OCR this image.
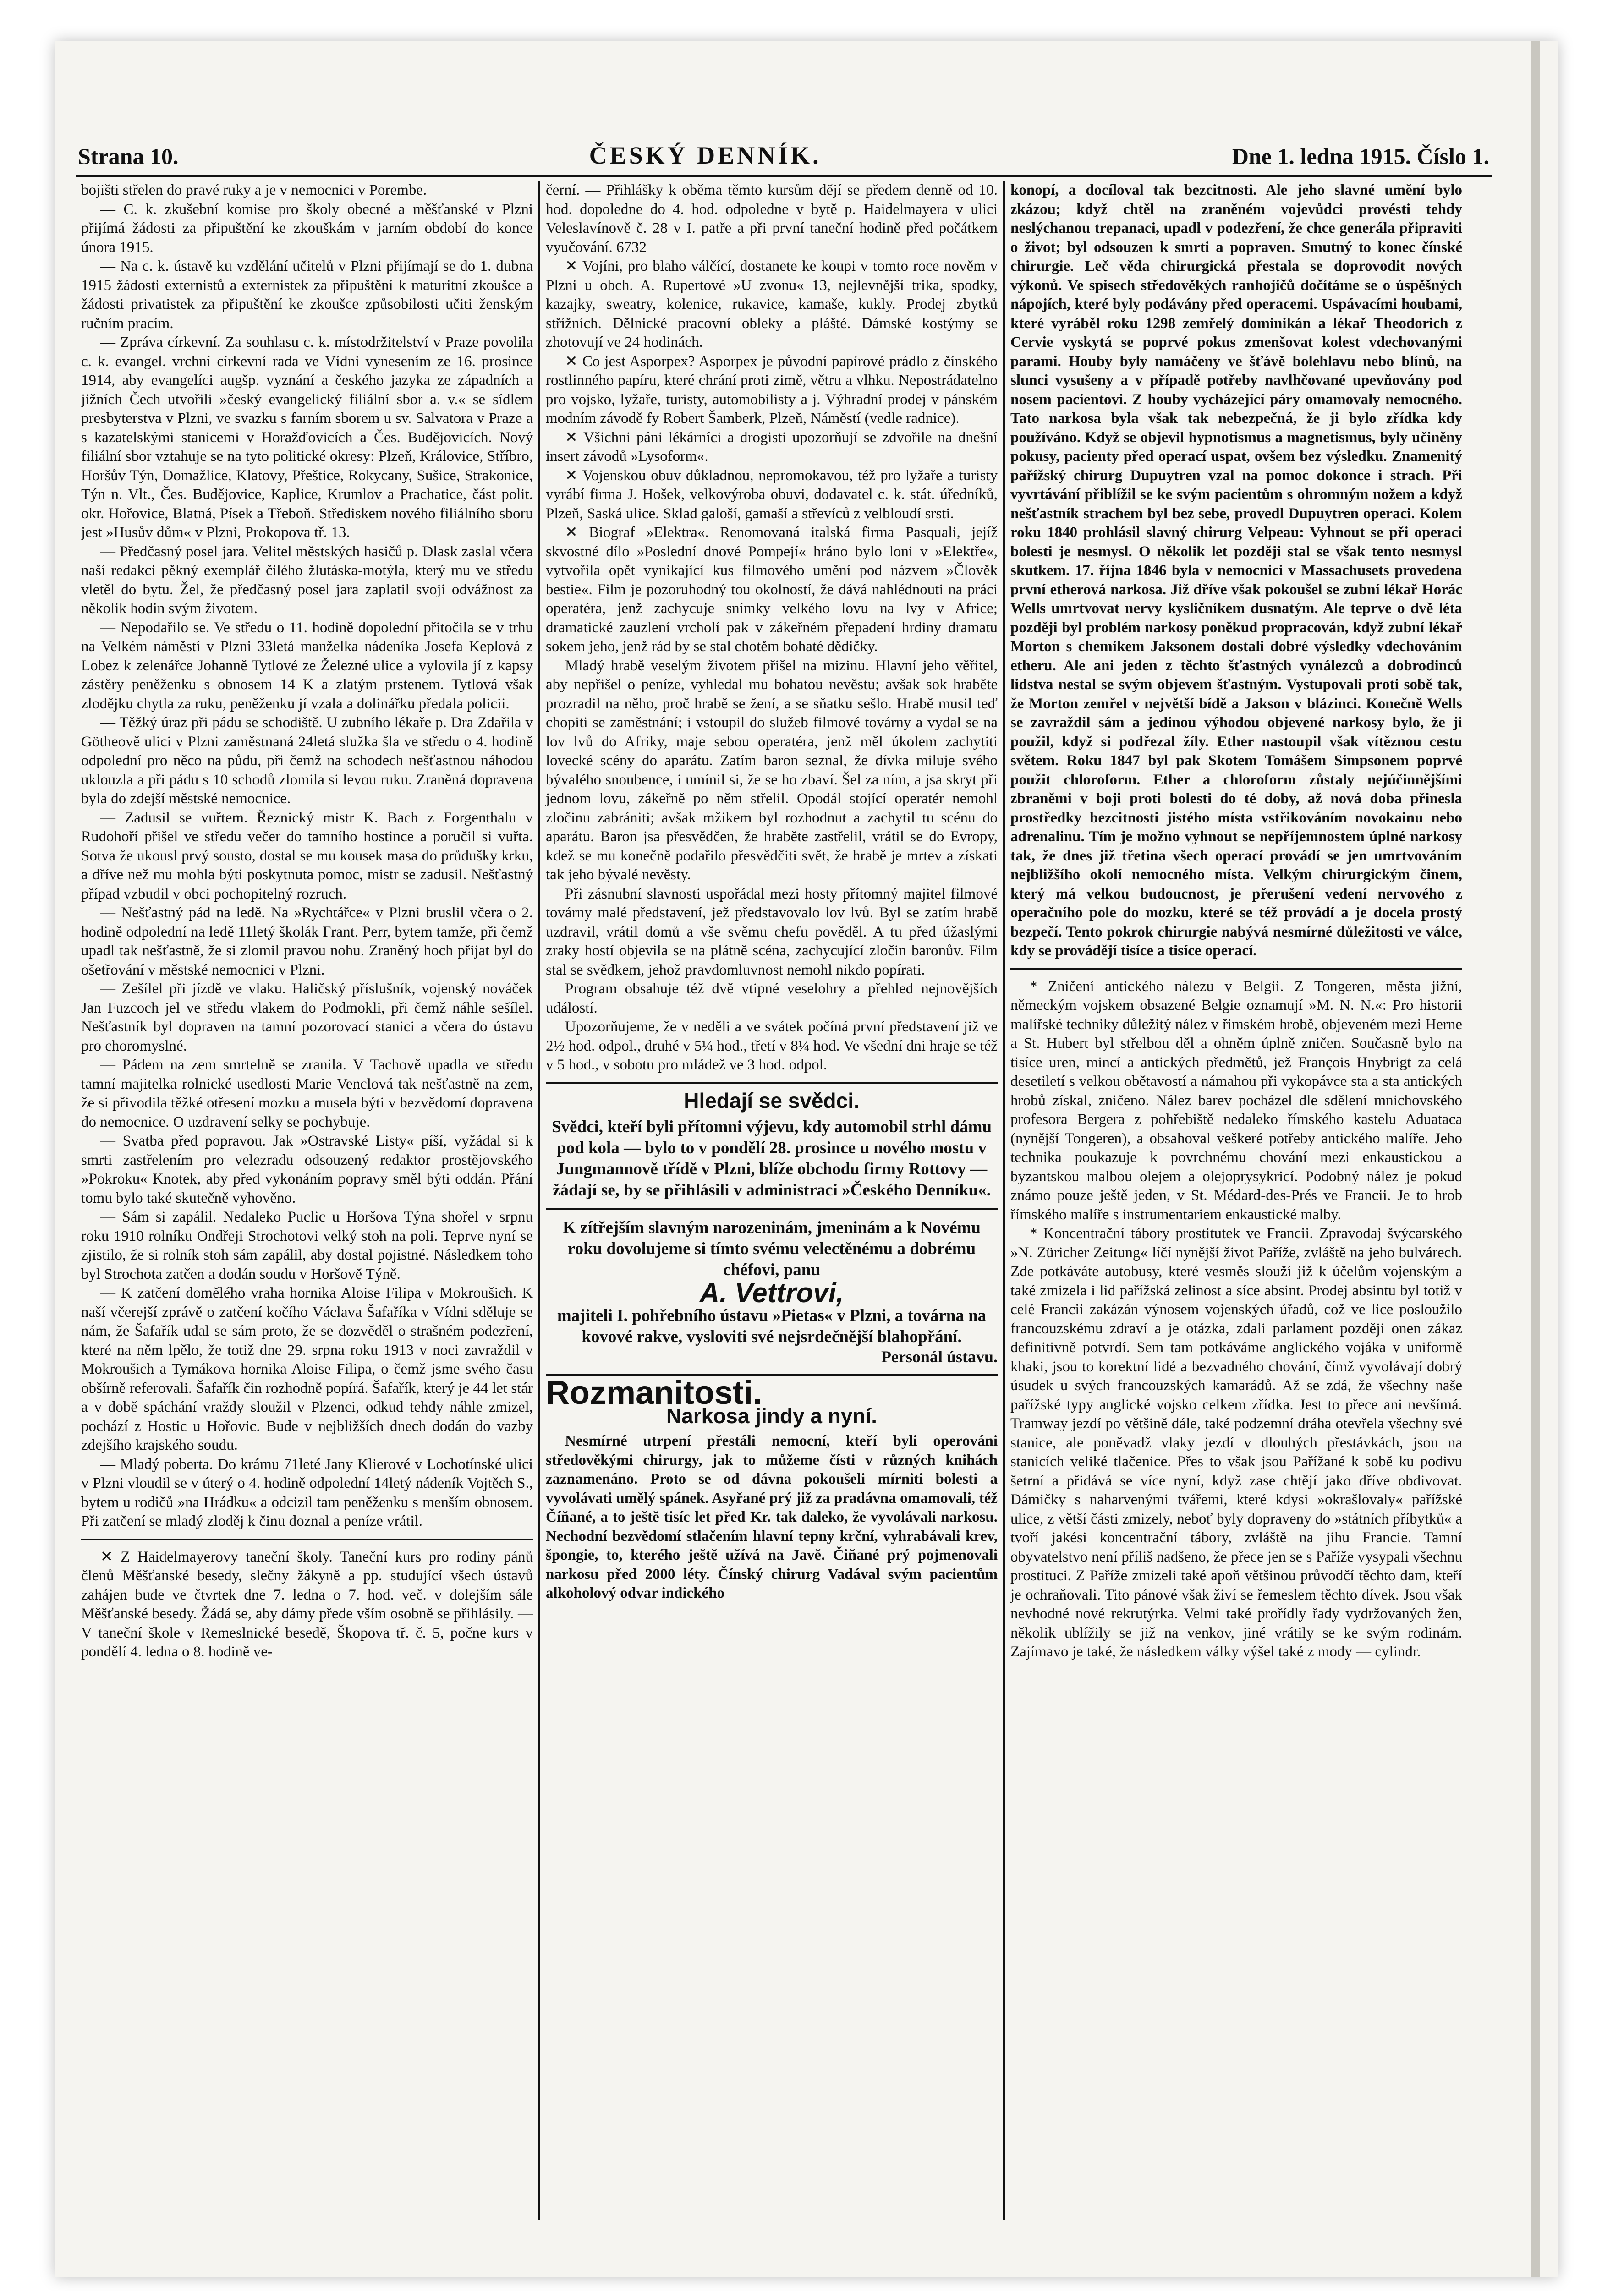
Strana 10.	ČESKÝ DENNÍK.	Dne 1. ledna 1915. Číslo 1.

bojišti střelen do pravé ruky a je v nemocnici v Porembe.

— C. k. zkušební komise pro školy obecné a měšťanské v Plzni přijímá žádosti za připuštění ke zkouškám v jarním období do konce února 1915.

— Na c. k. ústavě ku vzdělání učitelů v Plzni přijímají se do 1. dubna 1915 žádosti externistů a externistek za připuštění k maturitní zkoušce a žádosti privatistek za připuštění ke zkoušce způsobilosti učiti ženským ručním pracím.

— Zpráva církevní. Za souhlasu c. k. místodržitelství v Praze povolila c. k. evangel. vrchní církevní rada ve Vídni vynesením ze 16. prosince 1914, aby evangelíci augšp. vyznání a českého jazyka ze západních a jižních Čech utvořili »český evangelický filiální sbor a. v.« se sídlem presbyterstva v Plzni, ve svazku s farním sborem u sv. Salvatora v Praze a s kazatelskými stanicemi v Horažďovicích a Čes. Budějovicích. Nový filiální sbor vztahuje se na tyto politické okresy: Plzeň, Královice, Stříbro, Horšův Týn, Domažlice, Klatovy, Přeštice, Rokycany, Sušice, Strakonice, Týn n. Vlt., Čes. Budějovice, Kaplice, Krumlov a Prachatice, část polit. okr. Hořovice, Blatná, Písek a Třeboň. Střediskem nového filiálního sboru jest »Husův dům« v Plzni, Prokopova tř. 13.

— Předčasný posel jara. Velitel městských hasičů p. Dlask zaslal včera naší redakci pěkný exemplář čilého žlutáska-motýla, který mu ve středu vletěl do bytu. Žel, že předčasný posel jara zaplatil svoji odvážnost za několik hodin svým životem.

— Nepodařilo se. Ve středu o 11. hodině dopolední přitočila se v trhu na Velkém náměstí v Plzni 33letá manželka nádeníka Josefa Keplová z Lobez k zelenářce Johanně Tytlové ze Železné ulice a vylovila jí z kapsy zástěry peněženku s obnosem 14 K a zlatým prstenem. Tytlová však zlodějku chytla za ruku, peněženku jí vzala a dolinářku předala policii.

— Těžký úraz při pádu se schodiště. U zubního lékaře p. Dra Zdařila v Götheově ulici v Plzni zaměstnaná 24letá služka šla ve středu o 4. hodině odpolední pro něco na půdu, při čemž na schodech nešťastnou náhodou uklouzla a při pádu s 10 schodů zlomila si levou ruku. Zraněná dopravena byla do zdejší městské nemocnice.

— Zadusil se vuřtem. Řeznický mistr K. Bach z Forgenthalu v Rudohoří přišel ve středu večer do tamního hostince a poručil si vuřta. Sotva že ukousl prvý sousto, dostal se mu kousek masa do průdušky krku, a dříve než mu mohla býti poskytnuta pomoc, mistr se zadusil. Nešťastný případ vzbudil v obci pochopitelný rozruch.

— Nešťastný pád na ledě. Na »Rychtářce« v Plzni bruslil včera o 2. hodině odpolední na ledě 11letý školák Frant. Perr, bytem tamže, při čemž upadl tak nešťastně, že si zlomil pravou nohu. Zraněný hoch přijat byl do ošetřování v městské nemocnici v Plzni.

— Zešílel při jízdě ve vlaku. Haličský příslušník, vojenský nováček Jan Fuzcoch jel ve středu vlakem do Podmokli, při čemž náhle sešílel. Nešťastník byl dopraven na tamní pozorovací stanici a včera do ústavu pro choromyslné.

— Pádem na zem smrtelně se zranila. V Tachově upadla ve středu tamní majitelka rolnické usedlosti Marie Venclová tak nešťastně na zem, že si přivodila těžké otřesení mozku a musela býti v bezvědomí dopravena do nemocnice. O uzdravení selky se pochybuje.

— Svatba před popravou. Jak »Ostravské Listy« píší, vyžádal si k smrti zastřelením pro velezradu odsouzený redaktor prostějovského »Pokroku« Knotek, aby před vykonáním popravy směl býti oddán. Přání tomu bylo také skutečně vyhověno.

— Sám si zapálil. Nedaleko Puclic u Horšova Týna shořel v srpnu roku 1910 rolníku Ondřeji Strochotovi velký stoh na poli. Teprve nyní se zjistilo, že si rolník stoh sám zapálil, aby dostal pojistné. Následkem toho byl Strochota zatčen a dodán soudu v Horšově Týně.

— K zatčení domělého vraha hornika Aloise Filipa v Mokroušich. K naší včerejší zprávě o zatčení kočího Václava Šafaříka v Vídni sděluje se nám, že Šafařík udal se sám proto, že se dozvěděl o strašném podezření, které na něm lpělo, že totiž dne 29. srpna roku 1913 v noci zavraždil v Mokroušich a Tymákova hornika Aloise Filipa, o čemž jsme svého času obšírně referovali. Šafařík čin rozhodně popírá. Šafařík, který je 44 let stár a v době spáchání vraždy sloužil v Plzenci, odkud tehdy náhle zmizel, pochází z Hostic u Hořovic. Bude v nejbližších dnech dodán do vazby zdejšího krajského soudu.

— Mladý poberta. Do krámu 71leté Jany Klierové v Lochotínské ulici v Plzni vloudil se v úterý o 4. hodině odpolední 14letý nádeník Vojtěch S., bytem u rodičů »na Hrádku« a odcizil tam peněženku s menším obnosem. Při zatčení se mladý zloděj k činu doznal a peníze vrátil.

✕ Z Haidelmayerovy taneční školy. Taneční kurs pro rodiny pánů členů Měšťanské besedy, slečny žákyně a pp. studující všech ústavů zahájen bude ve čtvrtek dne 7. ledna o 7. hod. več. v dolejším sále Měšťanské besedy. Žádá se, aby dámy přede vším osobně se přihlásily. — V taneční škole v Remeslnické besedě, Škopova tř. č. 5, počne kurs v pondělí 4. ledna o 8. hodině ve-

černí. — Přihlášky k oběma těmto kursům dějí se předem denně od 10. hod. dopoledne do 4. hod. odpoledne v bytě p. Haidelmayera v ulici Veleslavínově č. 28 v I. patře a při první taneční hodině před počátkem vyučování. 6732

✕ Vojíni, pro blaho válčící, dostanete ke koupi v tomto roce nověm v Plzni u obch. A. Rupertové »U zvonu« 13, nejlevnější trika, spodky, kazajky, sweatry, kolenice, rukavice, kamaše, kukly. Prodej zbytků střížních. Dělnické pracovní obleky a plášté. Dámské kostýmy se zhotovují ve 24 hodinách.

✕ Co jest Asporpex? Asporpex je původní papírové prádlo z čínského rostlinného papíru, které chrání proti zimě, větru a vlhku. Nepostrádatelno pro vojsko, lyžaře, turisty, automobilisty a j. Výhradní prodej v pánském modním závodě fy Robert Šamberk, Plzeň, Náměstí (vedle radnice).

✕ Všichni páni lékárníci a drogisti upozorňují se zdvořile na dnešní insert závodů »Lysoform«.

✕ Vojenskou obuv důkladnou, nepromokavou, též pro lyžaře a turisty vyrábí firma J. Hošek, velkovýroba obuvi, dodavatel c. k. stát. úředníků, Plzeň, Saská ulice. Sklad galoší, gamaší a střevíců z velbloudí srsti.

✕ Biograf »Elektra«. Renomovaná italská firma Pasquali, jejíž skvostné dílo »Poslední dnové Pompejí« hráno bylo loni v »Elektře«, vytvořila opět vynikající kus filmového umění pod názvem »Člověk bestie«. Film je pozoruhodný tou okolností, že dává nahlédnouti na práci operatéra, jenž zachycuje snímky velkého lovu na lvy v Africe; dramatické zauzlení vrcholí pak v zákeřném přepadení hrdiny dramatu sokem jeho, jenž rád by se stal chotěm bohaté dědičky.

Mladý hrabě veselým životem přišel na mizinu. Hlavní jeho věřitel, aby nepřišel o peníze, vyhledal mu bohatou nevěstu; avšak sok hraběte prozradil na něho, proč hrabě se žení, a se sňatku sešlo. Hrabě musil teď chopiti se zaměstnání; i vstoupil do služeb filmové továrny a vydal se na lov lvů do Afriky, maje sebou operatéra, jenž měl úkolem zachytiti lovecké scény do aparátu. Zatím baron seznal, že dívka miluje svého bývalého snoubence, i umínil si, že se ho zbaví. Šel za ním, a jsa skryt při jednom lovu, zákeřně po něm střelil. Opodál stojící operatér nemohl zločinu zabrániti; avšak mžikem byl rozhodnut a zachytil tu scénu do aparátu. Baron jsa přesvědčen, že hraběte zastřelil, vrátil se do Evropy, kdež se mu konečně podařilo přesvědčiti svět, že hrabě je mrtev a získati tak jeho bývalé nevěsty.

Při zásnubní slavnosti uspořádal mezi hosty přítomný majitel filmové továrny malé představení, jež představovalo lov lvů. Byl se zatím hrabě uzdravil, vrátil domů a vše svěmu chefu pověděl. A tu před úžaslými zraky hostí objevila se na plátně scéna, zachycující zločin baronův. Film stal se svědkem, jehož pravdomluvnost nemohl nikdo popírati.

Program obsahuje též dvě vtipné veselohry a přehled nejnovějších událostí.

Upozorňujeme, že v neděli a ve svátek počíná první představení již ve 2½ hod. odpol., druhé v 5¼ hod., třetí v 8¼ hod. Ve všední dni hraje se též v 5 hod., v sobotu pro mládež ve 3 hod. odpol.

Hledají se svědci.
Svědci, kteří byli přítomni výjevu, kdy automobil strhl dámu pod kola — bylo to v pondělí 28. prosince u nového mostu v Jungmannově třídě v Plzni, blíže obchodu firmy Rottovy — žádají se, by se přihlásili v administraci »Českého Denníku«.
K zítřejším slavným narozeninám, jmeninám a k Novému roku dovolujeme si tímto svému velectěnému a dobrému chéfovi, panu
A. Vettrovi,
majiteli I. pohřebního ústavu »Pietas« v Plzni, a továrna na kovové rakve, vysloviti své nejsrdečnější blahopřání.
Personál ústavu.
Rozmanitosti.
Narkosa jindy a nyní.

Nesmírné utrpení přestáli nemocní, kteří byli operováni středověkými chirurgy, jak to můžeme čísti v různých knihách zaznamenáno. Proto se od dávna pokoušeli mírniti bolesti a vyvolávati umělý spánek. Asyřané prý již za pradávna omamovali, též Číňané, a to ještě tisíc let před Kr. tak daleko, že vyvolávali narkosu. Nechodní bezvědomí stlačením hlavní tepny krční, vyhrabávali krev, špongie, to, kterého ještě užívá na Javě. Čiňané prý pojmenovali narkosu před 2000 léty. Čínský chirurg Vadával svým pacientům alkoholový odvar indického

konopí, a docíloval tak bezcitnosti. Ale jeho slavné umění bylo zkázou; když chtěl na zraněném vojevůdci provésti tehdy neslýchanou trepanaci, upadl v podezření, že chce generála připraviti o život; byl odsouzen k smrti a popraven. Smutný to konec čínské chirurgie. Leč věda chirurgická přestala se doprovodit nových výkonů. Ve spisech středověkých ranhojičů dočítáme se o úspěšných nápojích, které byly podávány před operacemi. Uspávacími houbami, které vyráběl roku 1298 zemřelý dominikán a lékař Theodorich z Cervie vyskytá se poprvé pokus zmenšovat kolest vdechovanými parami. Houby byly namáčeny ve šťávě bolehlavu nebo blínů, na slunci vysušeny a v případě potřeby navlhčované upevňovány pod nosem pacientovi. Z houby vycházející páry omamovaly nemocného. Tato narkosa byla však tak nebezpečná, že ji bylo zřídka kdy používáno. Když se objevil hypnotismus a magnetismus, byly učiněny pokusy, pacienty před operací uspat, ovšem bez výsledku. Znamenitý pařížský chirurg Dupuytren vzal na pomoc dokonce i strach. Při vyvrtávání přiblížil se ke svým pacientům s ohromným nožem a když nešťastník strachem byl bez sebe, provedl Dupuytren operaci. Kolem roku 1840 prohlásil slavný chirurg Velpeau: Vyhnout se při operaci bolesti je nesmysl. O několik let později stal se však tento nesmysl skutkem. 17. října 1846 byla v nemocnici v Massachusets provedena první etherová narkosa. Již dříve však pokoušel se zubní lékař Horác Wells umrtvovat nervy kysličníkem dusnatým. Ale teprve o dvě léta později byl problém narkosy poněkud propracován, když zubní lékař Morton s chemikem Jaksonem dostali dobré výsledky vdechováním etheru. Ale ani jeden z těchto šťastných vynálezců a dobrodinců lidstva nestal se svým objevem šťastným. Vystupovali proti sobě tak, že Morton zemřel v největší bídě a Jakson v blázinci. Konečně Wells se zavraždil sám a jedinou výhodou objevené narkosy bylo, že ji použil, když si podřezal žíly. Ether nastoupil však vítěznou cestu světem. Roku 1847 byl pak Skotem Tomášem Simpsonem poprvé použit chloroform. Ether a chloroform zůstaly nejúčinnějšími zbraněmi v boji proti bolesti do té doby, až nová doba přinesla prostředky bezcitnosti jistého místa vstřikováním novokainu nebo adrenalinu. Tím je možno vyhnout se nepříjemnostem úplné narkosy tak, že dnes již třetina všech operací provádí se jen umrtvováním nejbližšího okolí nemocného místa. Velkým chirurgickým činem, který má velkou budoucnost, je přerušení vedení nervového z operačního pole do mozku, které se též provádí a je docela prostý bezpečí. Tento pokrok chirurgie nabývá nesmírné důležitosti ve válce, kdy se provádějí tisíce a tisíce operací.

* Zničení antického nálezu v Belgii. Z Tongeren, města jižní, německým vojskem obsazené Belgie oznamují »M. N. N.«: Pro historii malířské techniky důležitý nález v řimském hrobě, objeveném mezi Herne a St. Hubert byl střelbou děl a ohněm úplně zničen. Současně bylo na tisíce uren, mincí a antických předmětů, jež François Hnybrigt za celá desetiletí s velkou obětavostí a námahou při vykopávce sta a sta antických hrobů získal, zničeno. Nález barev pocházel dle sdělení mnichovského profesora Bergera z pohřebiště nedaleko římského kastelu Aduataca (nynější Tongeren), a obsahoval veškeré potřeby antického malíře. Jeho technika poukazuje k povrchnému chování mezi enkaustickou a byzantskou malbou olejem a olejoprysykricí. Podobný nález je pokud známo pouze ještě jeden, v St. Médard-des-Prés ve Francii. Je to hrob římského malíře s instrumentariem enkaustické malby.

* Koncentrační tábory prostitutek ve Francii. Zpravodaj švýcarského »N. Züricher Zeitung« líčí nynější život Paříže, zvláště na jeho bulvárech. Zde potkáváte autobusy, které vesměs slouží již k účelům vojenským a také zmizela i lid pařížská zelinost a síce absint. Prodej absintu byl totiž v celé Francii zakázán výnosem vojenských úřadů, což ve lice posloužilo francouzskému zdraví a je otázka, zdali parlament později onen zákaz definitivně potvrdí. Sem tam potkáváme anglického vojáka v uniformě khaki, jsou to korektní lidé a bezvadného chování, čímž vyvolávají dobrý úsudek u svých francouzských kamarádů. Až se zdá, že všechny naše pařížské typy anglické vojsko celkem zřídka. Jest to přece ani nevšímá. Tramway jezdí po většině dále, také podzemní dráha otevřela všechny své stanice, ale poněvadž vlaky jezdí v dlouhých přestávkách, jsou na stanicích veliké tlačenice. Přes to však jsou Pařížané k sobě ku podivu šetrní a přidává se více nyní, když zase chtějí jako dříve obdivovat. Dámičky s naharvenými tvářemi, které kdysi »okrašlovaly« pařížské ulice, z větší části zmizely, neboť byly dopraveny do »státních příbytků« a tvoří jakési koncentrační tábory, zvláště na jihu Francie. Tamní obyvatelstvo není příliš nadšeno, že přece jen se s Paříže vysypali všechnu prostituci. Z Paříže zmizeli také apoň většinou průvodčí těchto dam, kteří je ochraňovali. Tito pánové však živí se řemeslem těchto dívek. Jsou však nevhodné nové rekrutýrka. Velmi také prořídly řady vydržovaných žen, několik ublížily se již na venkov, jiné vrátily se ke svým rodinám. Zajímavo je také, že následkem války výšel také z mody — cylindr.
